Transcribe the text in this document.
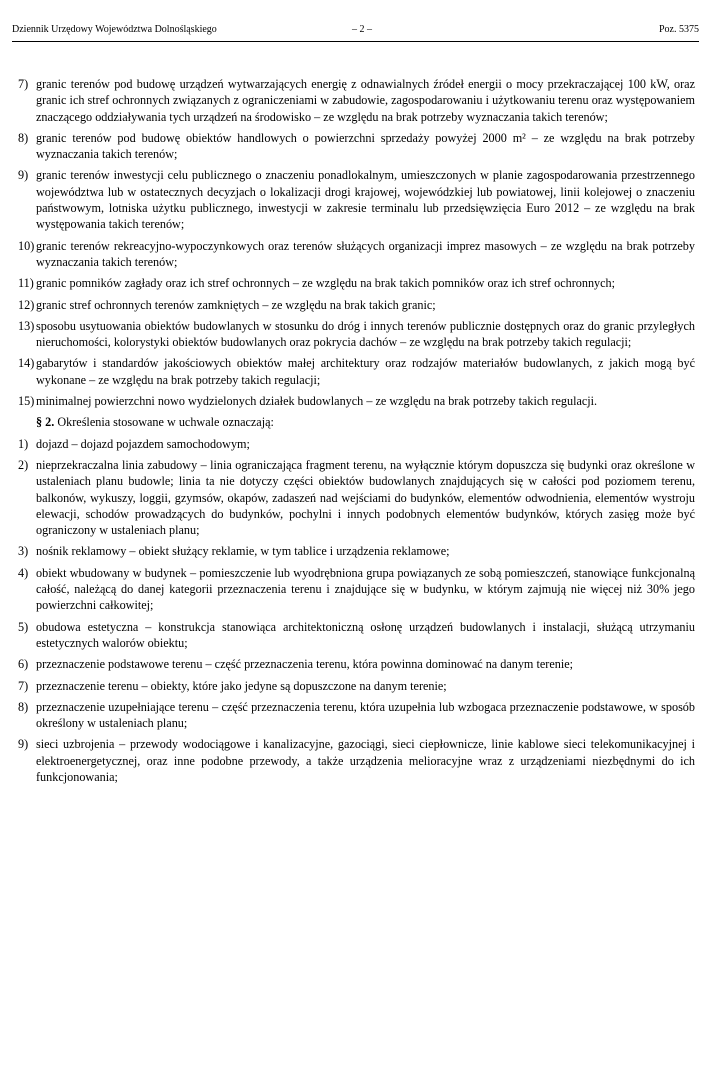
Dziennik Urzędowy Województwa Dolnośląskiego	– 2 –	Poz. 5375
7) granic terenów pod budowę urządzeń wytwarzających energię z odnawialnych źródeł energii o mocy przekraczającej 100 kW, oraz granic ich stref ochronnych związanych z ograniczeniami w zabudowie, zagospodarowaniu i użytkowaniu terenu oraz występowaniem znaczącego oddziaływania tych urządzeń na środowisko – ze względu na brak potrzeby wyznaczania takich terenów;
8) granic terenów pod budowę obiektów handlowych o powierzchni sprzedaży powyżej 2000 m² – ze względu na brak potrzeby wyznaczania takich terenów;
9) granic terenów inwestycji celu publicznego o znaczeniu ponadlokalnym, umieszczonych w planie zagospodarowania przestrzennego województwa lub w ostatecznych decyzjach o lokalizacji drogi krajowej, wojewódzkiej lub powiatowej, linii kolejowej o znaczeniu państwowym, lotniska użytku publicznego, inwestycji w zakresie terminalu lub przedsięwzięcia Euro 2012 – ze względu na brak występowania takich terenów;
10) granic terenów rekreacyjno-wypoczynkowych oraz terenów służących organizacji imprez masowych – ze względu na brak potrzeby wyznaczania takich terenów;
11) granic pomników zagłady oraz ich stref ochronnych – ze względu na brak takich pomników oraz ich stref ochronnych;
12) granic stref ochronnych terenów zamkniętych – ze względu na brak takich granic;
13) sposobu usytuowania obiektów budowlanych w stosunku do dróg i innych terenów publicznie dostępnych oraz do granic przyległych nieruchomości, kolorystyki obiektów budowlanych oraz pokrycia dachów – ze względu na brak potrzeby takich regulacji;
14) gabarytów i standardów jakościowych obiektów małej architektury oraz rodzajów materiałów budowlanych, z jakich mogą być wykonane – ze względu na brak potrzeby takich regulacji;
15) minimalnej powierzchni nowo wydzielonych działek budowlanych – ze względu na brak potrzeby takich regulacji.
§ 2. Określenia stosowane w uchwale oznaczają:
1) dojazd – dojazd pojazdem samochodowym;
2) nieprzekraczalna linia zabudowy – linia ograniczająca fragment terenu, na wyłącznie którym dopuszcza się budynki oraz określone w ustaleniach planu budowle; linia ta nie dotyczy części obiektów budowlanych znajdujących się w całości pod poziomem terenu, balkonów, wykuszy, loggii, gzymsów, okapów, zadaszeń nad wejściami do budynków, elementów odwodnienia, elementów wystroju elewacji, schodów prowadzących do budynków, pochylni i innych podobnych elementów budynków, których zasięg może być ograniczony w ustaleniach planu;
3) nośnik reklamowy – obiekt służący reklamie, w tym tablice i urządzenia reklamowe;
4) obiekt wbudowany w budynek – pomieszczenie lub wyodrębniona grupa powiązanych ze sobą pomieszczeń, stanowiące funkcjonalną całość, należącą do danej kategorii przeznaczenia terenu i znajdujące się w budynku, w którym zajmują nie więcej niż 30% jego powierzchni całkowitej;
5) obudowa estetyczna – konstrukcja stanowiąca architektoniczną osłonę urządzeń budowlanych i instalacji, służącą utrzymaniu estetycznych walorów obiektu;
6) przeznaczenie podstawowe terenu – część przeznaczenia terenu, która powinna dominować na danym terenie;
7) przeznaczenie terenu – obiekty, które jako jedyne są dopuszczone na danym terenie;
8) przeznaczenie uzupełniające terenu – część przeznaczenia terenu, która uzupełnia lub wzbogaca przeznaczenie podstawowe, w sposób określony w ustaleniach planu;
9) sieci uzbrojenia – przewody wodociągowe i kanalizacyjne, gazociągi, sieci ciepłownicze, linie kablowe sieci telekomunikacyjnej i elektroenergetycznej, oraz inne podobne przewody, a także urządzenia melioracyjne wraz z urządzeniami niezbędnymi do ich funkcjonowania;
